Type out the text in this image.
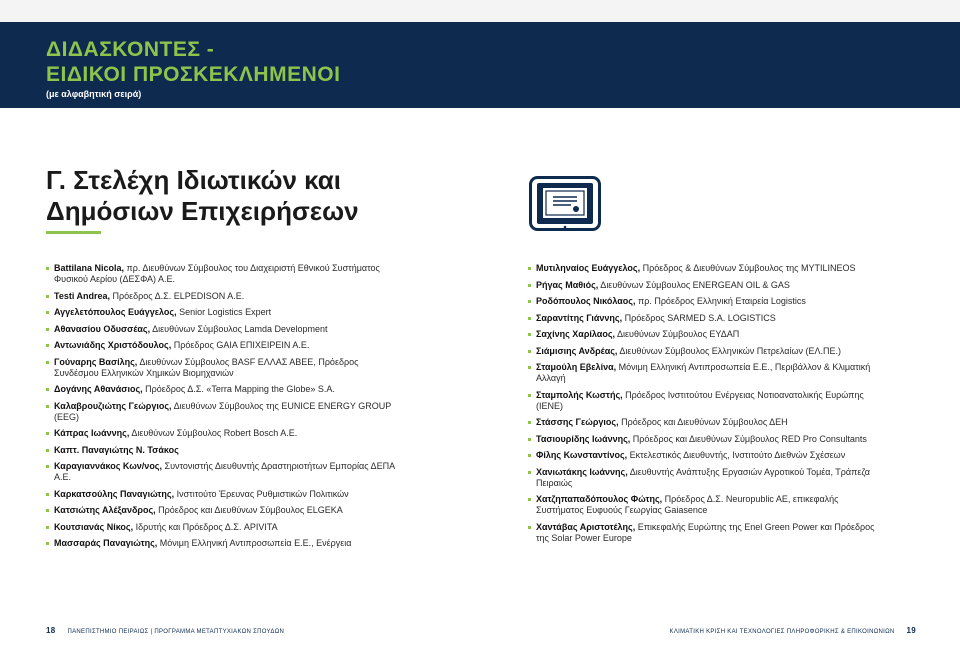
ΔΙΔΑΣΚΟΝΤΕΣ -
ΕΙΔΙΚΟΙ ΠΡΟΣΚΕΚΛΗΜΕΝΟΙ
(με αλφαβητική σειρά)
Γ. Στελέχη Ιδιωτικών και
Δημόσιων Επιχειρήσεων
Battilana Nicola, πρ. Διευθύνων Σύμβουλος του Διαχειριστή Εθνικού Συστήματος Φυσικού Αερίου (ΔΕΣΦΑ) Α.Ε.
Testi Andrea, Πρόεδρος Δ.Σ. ELPEDISON A.E.
Αγγελετόπουλος Ευάγγελος, Senior Logistics Expert
Αθανασίου Οδυσσέας, Διευθύνων Σύμβουλος Lamda Development
Αντωνιάδης Χριστόδουλος, Πρόεδρος GAIA ΕΠΙΧΕΙΡΕΙΝ Α.Ε.
Γούναρης Βασίλης, Διευθύνων Σύμβουλος BASF ΕΛΛΑΣ ΑΒΕΕ, Πρόεδρος Συνδέσμου Ελληνικών Χημικών Βιομηχανιών
Δογάνης Αθανάσιος, Πρόεδρος Δ.Σ. «Terra Mapping the Globe» S.A.
Καλαβρουζιώτης Γεώργιος, Διευθύνων Σύμβουλος της EUNICE ENERGY GROUP (EEG)
Κάπρας Ιωάννης, Διευθύνων Σύμβουλος Robert Bosch A.E.
Καπτ. Παναγιώτης Ν. Τσάκος
Καραγιαννάκος Κων/νος, Συντονιστής Διευθυντής Δραστηριοτήτων Εμπορίας ΔΕΠΑ Α.Ε.
Καρκατσούλης Παναγιώτης, Ινστιτούτο Έρευνας Ρυθμιστικών Πολιτικών
Κατσιώτης Αλέξανδρος, Πρόεδρος και Διευθύνων Σύμβουλος ELGEKA
Κουτσιανάς Νίκος, Ιδρυτής και Πρόεδρος Δ.Σ. APIVITA
Μασσαράς Παναγιώτης, Μόνιμη Ελληνική Αντιπροσωπεία Ε.Ε., Ενέργεια
Μυτιληναίος Ευάγγελος, Πρόεδρος & Διευθύνων Σύμβουλος της MYTILINEOS
Ρήγας Μαθιός, Διευθύνων Σύμβουλος ENERGEAN OIL & GAS
Ροδόπουλος Νικόλαος, πρ. Πρόεδρος Ελληνική Εταιρεία Logistics
Σαραντίτης Γιάννης, Πρόεδρος SARMED S.A. LOGISTICS
Σαχίνης Χαρίλαος, Διευθύνων Σύμβουλος ΕΥΔΑΠ
Σιάμισιης Ανδρέας, Διευθύνων Σύμβουλος Ελληνικών Πετρελαίων (ΕΛ.ΠΕ.)
Σταμούλη Εβελίνα, Μόνιμη Ελληνική Αντιπροσωπεία Ε.Ε., Περιβάλλον & Κλιματική Αλλαγή
Σταμπολής Κωστής, Πρόεδρος Ινστιτούτου Ενέργειας Νοτιοανατολικής Ευρώπης (IENE)
Στάσσης Γεώργιος, Πρόεδρος και Διευθύνων Σύμβουλος ΔΕΗ
Τασιουρίδης Ιωάννης, Πρόεδρος και Διευθύνων Σύμβουλος RED Pro Consultants
Φίλης Κωνσταντίνος, Εκτελεστικός Διευθυντής, Ινστιτούτο Διεθνών Σχέσεων
Χανιωτάκης Ιωάννης, Διευθυντής Ανάπτυξης Εργασιών Αγροτικού Τομέα, Τράπεζα Πειραιώς
Χατζηπαπαδόπουλος Φώτης, Πρόεδρος Δ.Σ. Neuropublic AE, επικεφαλής Συστήματος Ευφυούς Γεωργίας Gaiasence
Χαντάβας Αριστοτέλης, Επικεφαλής Ευρώπης της Enel Green Power και Πρόεδρος της Solar Power Europe
18 ΠΑΝΕΠΙΣΤΗΜΙΟ ΠΕΙΡΑΙΩΣ | ΠΡΟΓΡΑΜΜΑ ΜΕΤΑΠΤΥΧΙΑΚΩΝ ΣΠΟΥΔΩΝ	ΚΛΙΜΑΤΙΚΗ ΚΡΙΣΗ ΚΑΙ ΤΕΧΝΟΛΟΓΙΕΣ ΠΛΗΡΟΦΟΡΙΚΗΣ & ΕΠΙΚΟΙΝΩΝΙΩΝ 19
